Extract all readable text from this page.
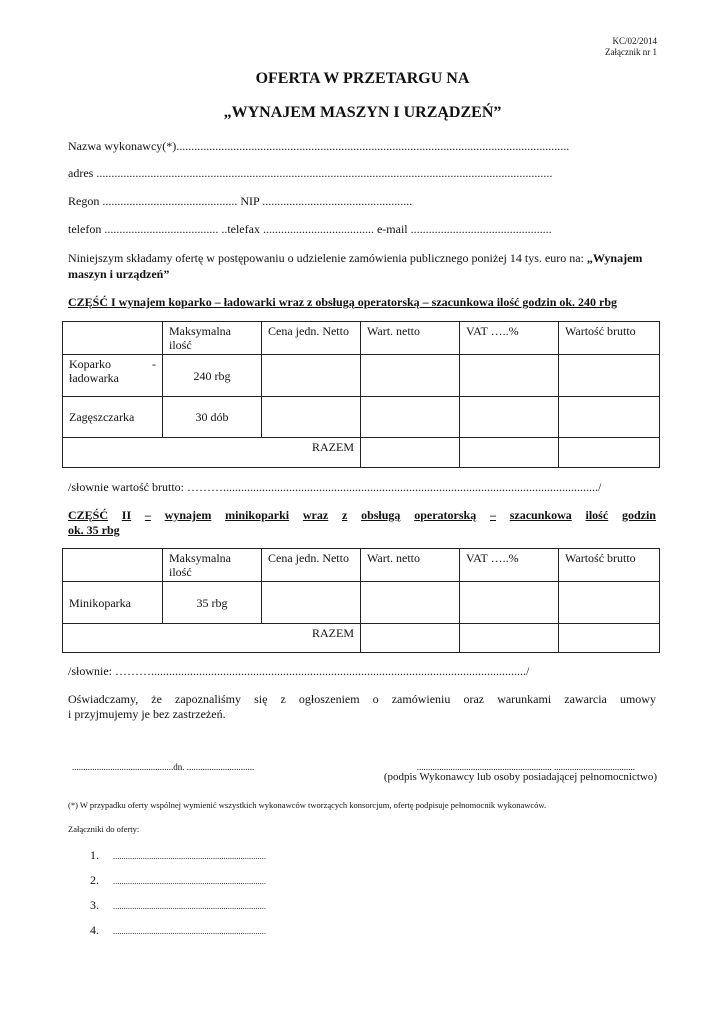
KC/02/2014
Załącznik nr 1
OFERTA W PRZETARGU NA
„WYNAJEM MASZYN I URZĄDZEŃ”
Nazwa wykonawcy(*)...................................................................................................................................
adres ........................................................................................................................................................
Regon ............................................. NIP ..................................................
telefon ...................................... ..telefax ..................................... e-mail ...............................................
Niniejszym składamy ofertę w postępowaniu o udzielenie zamówienia publicznego poniżej 14 tys. euro na: „Wynajem
maszyn i urządzeń”
CZĘŚĆ I wynajem koparko – ładowarki wraz z obsługą operatorską – szacunkowa ilość godzin ok. 240 rbg
	Maksymalna ilość	Cena jedn. Netto	Wart. netto	VAT …..%	Wartość brutto

Koparko -
ładowarka	240 rbg				
Zagęszczarka	30 dób				
RAZEM					
/słownie wartość brutto: ………............................................................................................................................./
CZĘŚĆ II – wynajem minikoparki wraz z obsługą operatorską – szacunkowa ilość godzin
ok. 35 rbg
	Maksymalna ilość	Cena jedn. Netto	Wart. netto	VAT …..%	Wartość brutto
Minikoparka	35 rbg				
RAZEM					
/słownie: ………............................................................................................................................./
Oświadczamy, że zapoznaliśmy się z ogłoszeniem o zamówieniu oraz warunkami zawarcia umowy
i przyjmujemy je bez zastrzeżeń.
.............................................dn. ..............................	............................................................ ....................................
(podpis Wykonawcy lub osoby posiadającej pełnomocnictwo)
(*) W przypadku oferty wspólnej wymienić wszystkich wykonawców tworzących konsorcjum, ofertę podpisuje pełnomocnik wykonawców.
Załączniki do oferty:
1.	........................................................................
2.	........................................................................
3.	........................................................................
4.	........................................................................
